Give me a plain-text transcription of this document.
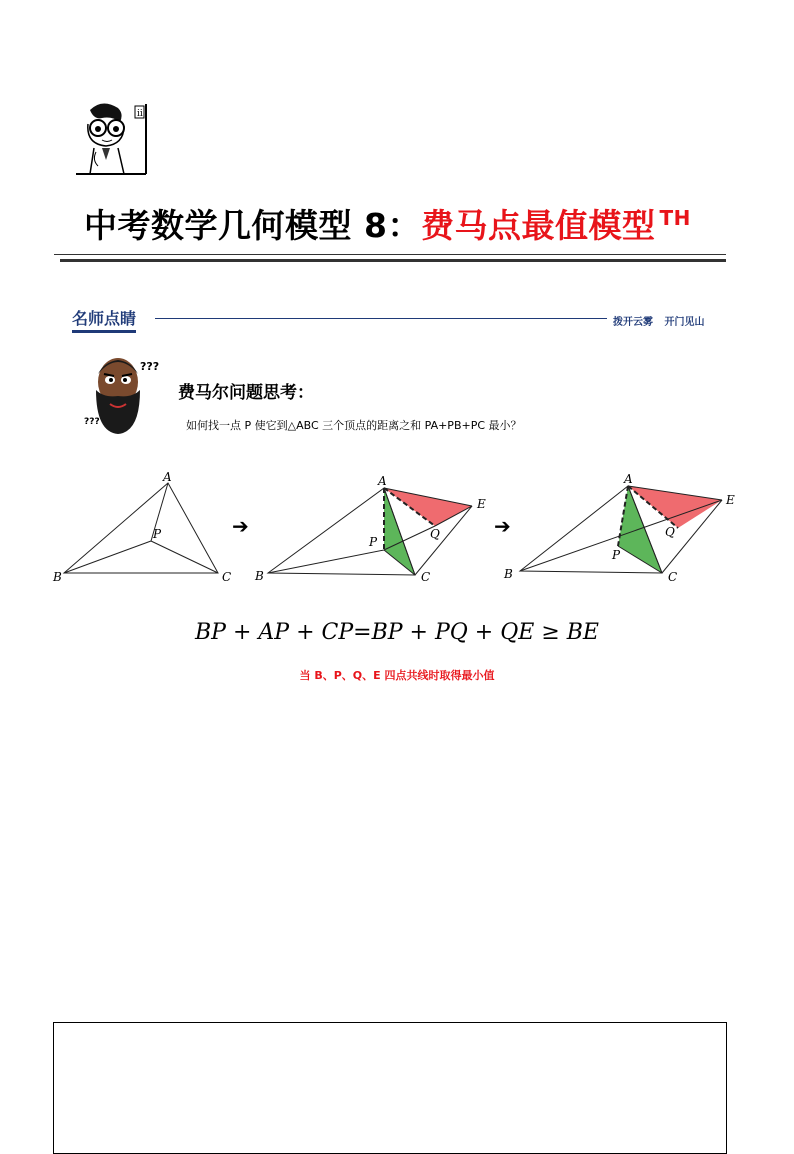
ii
中考数学几何模型 8：费马点最值模型 $^{TH}$
名师点睛	拨开云雾 开门见山
???
???
费马尔问题思考：
如何找一点 P 使它到△ABC 三个顶点的距离之和 PA+PB+PC 最小？
A
B	C
P	➔
A
B	C
P
Q
E
➔
A
B	C
P
Q
E
BP + AP + CP=BP + PQ + QE ≥ BE
当 B、P、Q、E 四点共线时取得最小值
